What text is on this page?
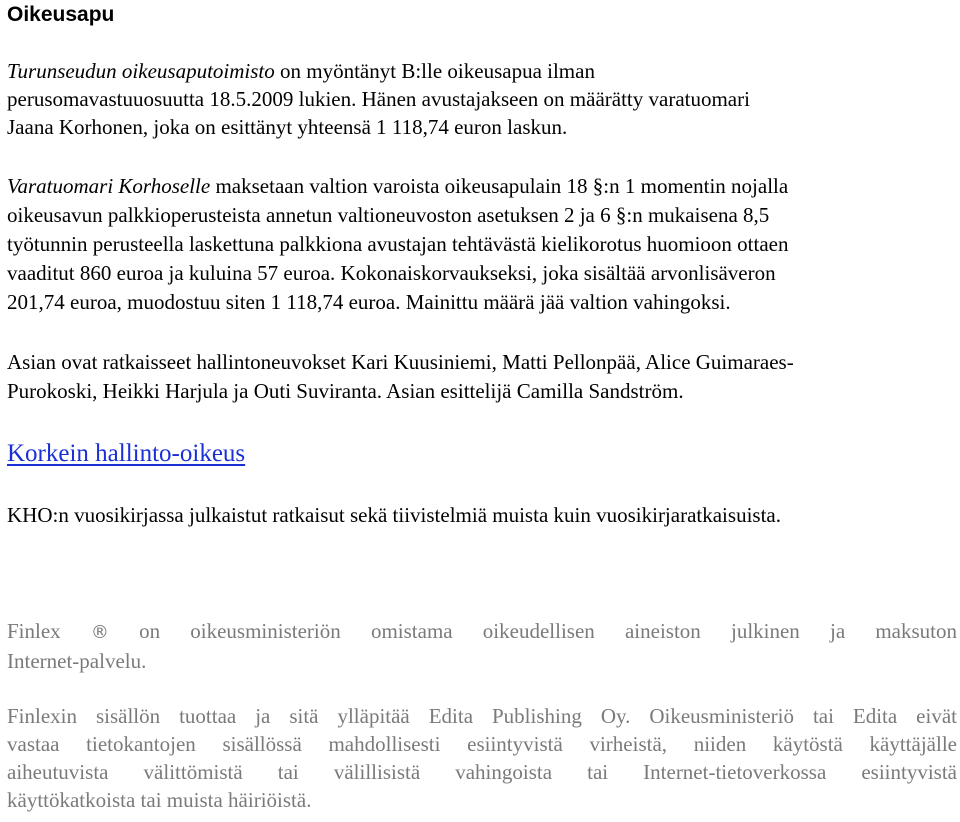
Oikeusapu

Turunseudun oikeusaputoimisto on myöntänyt B:lle oikeusapua ilman
perusomavastuuosuutta 18.5.2009 lukien. Hänen avustajakseen on määrätty varatuomari
Jaana Korhonen, joka on esittänyt yhteensä 1 118,74 euron laskun.

Varatuomari Korhoselle maksetaan valtion varoista oikeusapulain 18 §:n 1 momentin nojalla
oikeusavun palkkioperusteista annetun valtioneuvoston asetuksen 2 ja 6 §:n mukaisena 8,5
työtunnin perusteella laskettuna palkkiona avustajan tehtävästä kielikorotus huomioon ottaen
vaaditut 860 euroa ja kuluina 57 euroa. Kokonaiskorvaukseksi, joka sisältää arvonlisäveron
201,74 euroa, muodostuu siten 1 118,74 euroa. Mainittu määrä jää valtion vahingoksi.

Asian ovat ratkaisseet hallintoneuvokset Kari Kuusiniemi, Matti Pellonpää, Alice Guimaraes-
Purokoski, Heikki Harjula ja Outi Suviranta. Asian esittelijä Camilla Sandström.

Korkein hallinto-oikeus

KHO:n vuosikirjassa julkaistut ratkaisut sekä tiivistelmiä muista kuin vuosikirjaratkaisuista.

Finlex ® on oikeusministeriön omistama oikeudellisen aineiston julkinen ja maksuton
Internet-palvelu.

Finlexin sisällön tuottaa ja sitä ylläpitää Edita Publishing Oy. Oikeusministeriö tai Edita eivät
vastaa tietokantojen sisällössä mahdollisesti esiintyvistä virheistä, niiden käytöstä käyttäjälle
aiheutuvista välittömistä tai välillisistä vahingoista tai Internet-tietoverkossa esiintyvistä
käyttökatkoista tai muista häiriöistä.
